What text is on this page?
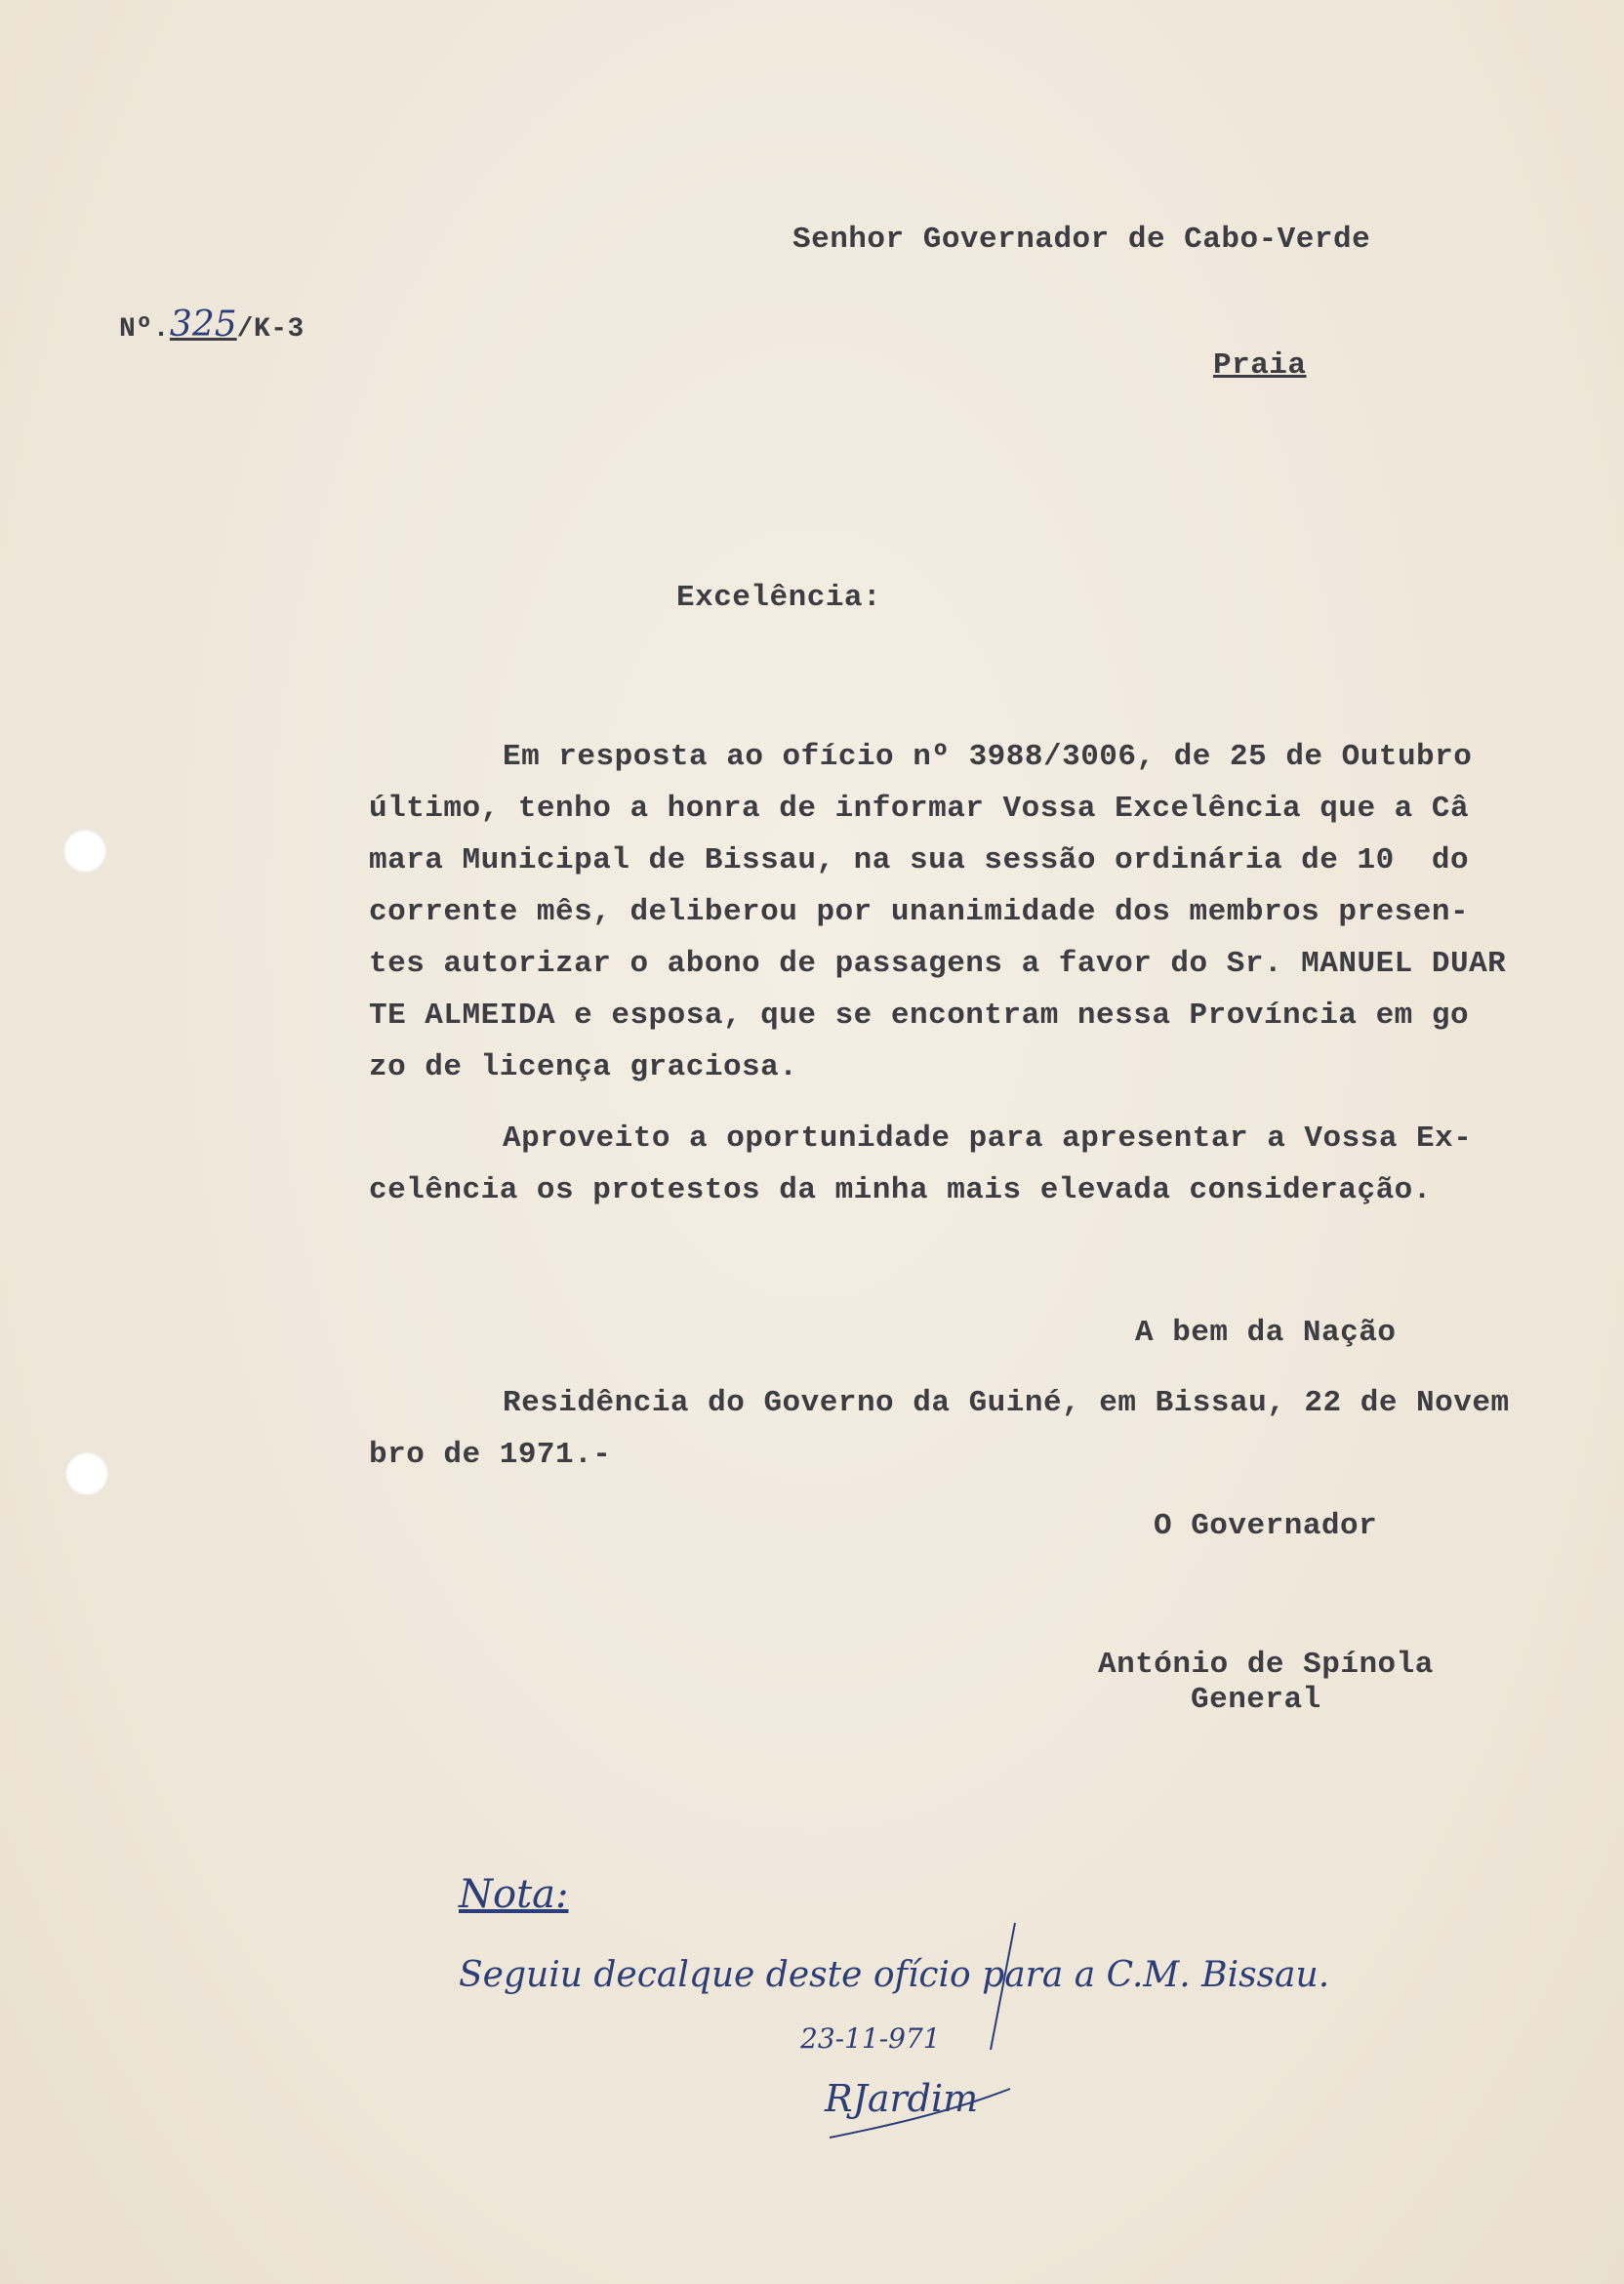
Nº.325/K-3
Senhor Governador de Cabo-Verde
Praia
Excelência:
Em resposta ao ofício nº 3988/3006, de 25 de Outubro
último, tenho a honra de informar Vossa Excelência que a Câ
mara Municipal de Bissau, na sua sessão ordinária de 10  do
corrente mês, deliberou por unanimidade dos membros presen-
tes autorizar o abono de passagens a favor do Sr. MANUEL DUAR
TE ALMEIDA e esposa, que se encontram nessa Província em go
zo de licença graciosa.
Aproveito a oportunidade para apresentar a Vossa Ex-
celência os protestos da minha mais elevada consideração.
A bem da Nação
Residência do Governo da Guiné, em Bissau, 22 de Novem
bro de 1971.-
O Governador
António de Spínola
General
Nota:
Seguiu decalque deste ofício para a C.M. Bissau.
23-11-971
RJardim
